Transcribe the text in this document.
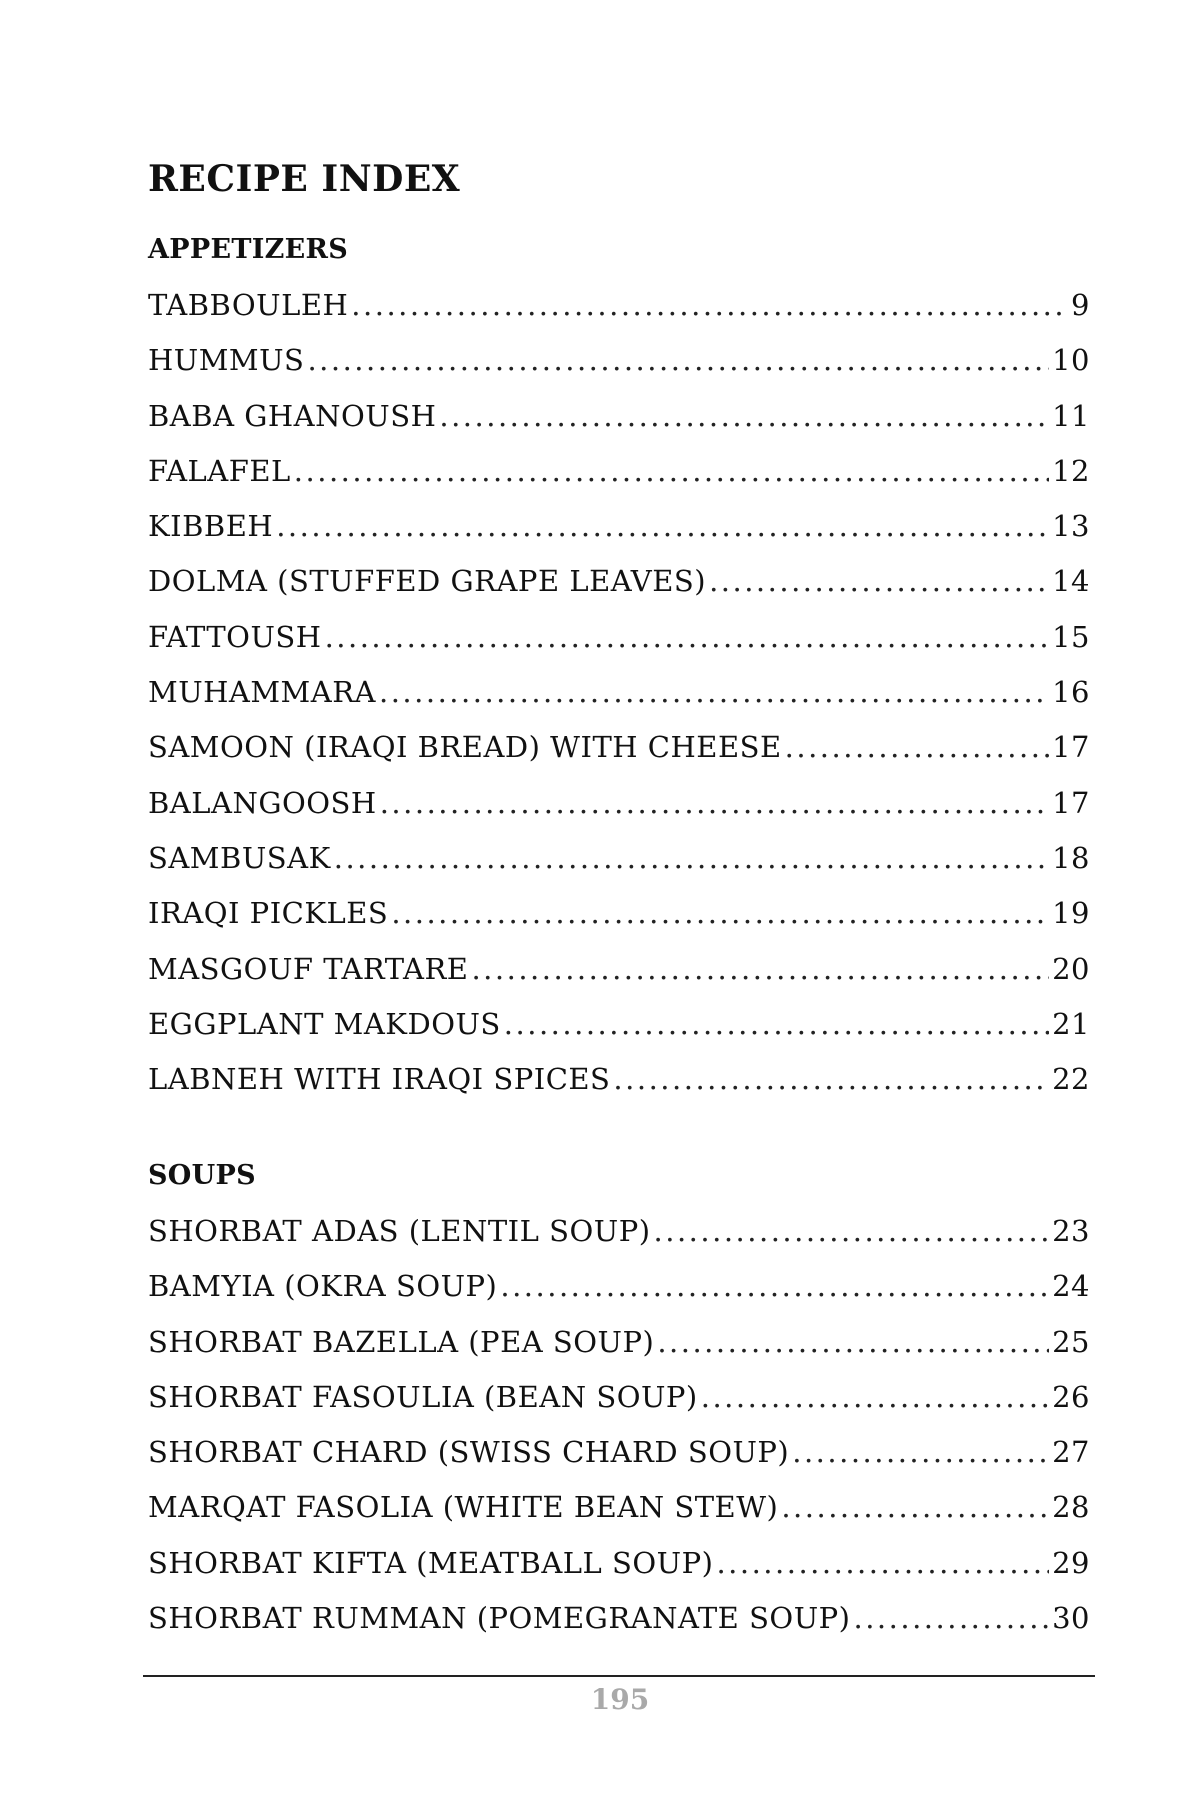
RECIPE INDEX
APPETIZERS
TABBOULEH .....	9
HUMMUS .....	10
BABA GHANOUSH .....	11
FALAFEL .....	12
KIBBEH .....	13
DOLMA (STUFFED GRAPE LEAVES) .....	14
FATTOUSH .....	15
MUHAMMARA .....	16
SAMOON (IRAQI BREAD) WITH CHEESE .....	17
BALANGOOSH .....	17
SAMBUSAK .....	18
IRAQI PICKLES .....	19
MASGOUF TARTARE .....	20
EGGPLANT MAKDOUS .....	21
LABNEH WITH IRAQI SPICES .....	22
SOUPS
SHORBAT ADAS (LENTIL SOUP) .....	23
BAMYIA (OKRA SOUP) .....	24
SHORBAT BAZELLA (PEA SOUP) .....	25
SHORBAT FASOULIA (BEAN SOUP) .....	26
SHORBAT CHARD (SWISS CHARD SOUP) .....	27
MARQAT FASOLIA (WHITE BEAN STEW) .....	28
SHORBAT KIFTA (MEATBALL SOUP) .....	29
SHORBAT RUMMAN (POMEGRANATE SOUP) .....	30
195
